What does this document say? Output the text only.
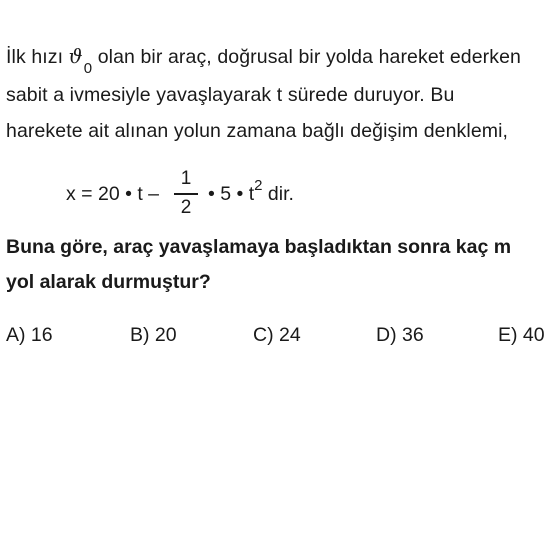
İlk hızı $ϑ_0$ olan bir araç, doğrusal bir yolda hareket ederken
sabit a ivmesiyle yavaşlayarak t sürede duruyor. Bu
harekete ait alınan yolun zamana bağlı değişim denklemi,
x = 20 • t –
1
2
• 5 • $t^2$ dir.
Buna göre, araç yavaşlamaya başladıktan sonra kaç m
yol alarak durmuştur?
A) 16	B) 20	C) 24	D) 36	E) 40
